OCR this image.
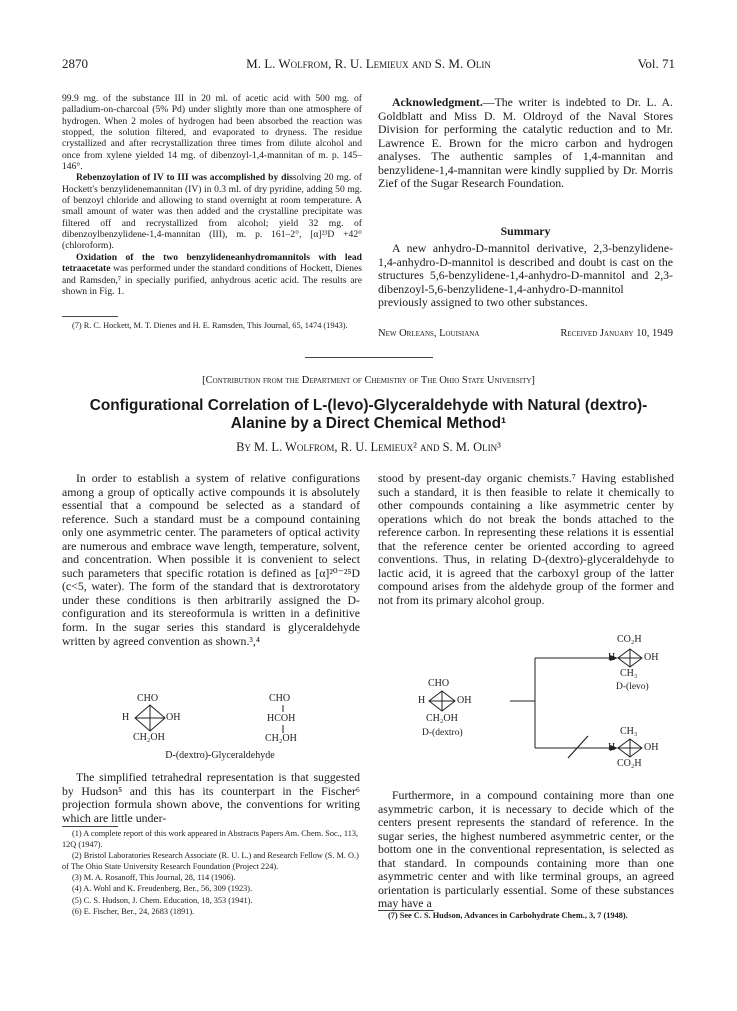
2870	M. L. Wolfrom, R. U. Lemieux and S. M. Olin	Vol. 71

99.9 mg. of the substance III in 20 ml. of acetic acid with 500 mg. of palladium-on-charcoal (5% Pd) under slightly more than one atmosphere of hydrogen. When 2 moles of hydrogen had been absorbed the reaction was stopped, the solution filtered, and evaporated to dryness. The residue crystallized and after recrystallization three times from dilute alcohol and once from xylene yielded 14 mg. of dibenzoyl-1,4-mannitan of m. p. 145–146°.

Rebenzoylation of IV to III was accomplished by dissolving 20 mg. of Hockett's benzylidenemannitan (IV) in 0.3 ml. of dry pyridine, adding 50 mg. of benzoyl chloride and allowing to stand overnight at room temperature. A small amount of water was then added and the crystalline precipitate was filtered off and recrystallized from alcohol; yield 32 mg. of dibenzoylbenzylidene-1,4-mannitan (III), m. p. 161–2°, [α]²³D +42° (chloroform).

Oxidation of the two benzylideneanhydromannitols with lead tetraacetate was performed under the standard conditions of Hockett, Dienes and Ramsden,⁷ in specially purified, anhydrous acetic acid. The results are shown in Fig. 1.

(7) R. C. Hockett, M. T. Dienes and H. E. Ramsden, This Journal, 65, 1474 (1943).

Acknowledgment.—The writer is indebted to Dr. L. A. Goldblatt and Miss D. M. Oldroyd of the Naval Stores Division for performing the catalytic reduction and to Mr. Lawrence E. Brown for the micro carbon and hydrogen analyses. The authentic samples of 1,4-mannitan and benzylidene-1,4-mannitan were kindly supplied by Dr. Morris Zief of the Sugar Research Foundation.

Summary

A new anhydro-D-mannitol derivative, 2,3-benzylidene-1,4-anhydro-D-mannitol is described and doubt is cast on the structures 5,6-benzylidene-1,4-anhydro-D-mannitol and 2,3-dibenzoyl-5,6-benzylidene-1,4-anhydro-D-mannitol previously assigned to two other substances.

New Orleans, Louisiana	Received January 10, 1949
[Contribution from the Department of Chemistry of The Ohio State University]
Configurational Correlation of L-(levo)-Glyceraldehyde with Natural (dextro)-
Alanine by a Direct Chemical Method¹
By M. L. Wolfrom, R. U. Lemieux² and S. M. Olin³

In order to establish a system of relative configurations among a group of optically active compounds it is absolutely essential that a compound be selected as a standard of reference. Such a standard must be a compound containing only one asymmetric center. The parameters of optical activity are numerous and embrace wave length, temperature, solvent, and concentration. When possible it is convenient to select such parameters that specific rotation is defined as [α]²⁰⁻²⁵D (c<5, water). The form of the standard that is dextrorotatory under these conditions is then arbitrarily assigned the D-configuration and its stereoformula is written in a definitive form. In the sugar series this standard is glyceraldehyde written by agreed convention as shown.³,⁴

CHO
H	OH
CH₂OH
CHO
HCOH
CH₂OH
D-(dextro)-Glyceraldehyde

The simplified tetrahedral representation is that suggested by Hudson⁵ and this has its counterpart in the Fischer⁶ projection formula shown above, the conventions for writing which are little under-

(1) A complete report of this work appeared in Abstracts Papers Am. Chem. Soc., 113, 12Q (1947).

(2) Bristol Laboratories Research Associate (R. U. L.) and Research Fellow (S. M. O.) of The Ohio State University Research Foundation (Project 224).

(3) M. A. Rosanoff, This Journal, 28, 114 (1906).

(4) A. Wohl and K. Freudenberg, Ber., 56, 309 (1923).

(5) C. S. Hudson, J. Chem. Education, 18, 353 (1941).

(6) E. Fischer, Ber., 24, 2683 (1891).

stood by present-day organic chemists.⁷ Having established such a standard, it is then feasible to relate it chemically to other compounds containing a like asymmetric center by operations which do not break the bonds attached to the reference carbon. In representing these relations it is essential that the reference center be oriented according to agreed conventions. Thus, in relating D-(dextro)-glyceraldehyde to lactic acid, it is agreed that the carboxyl group of the latter compound arises from the aldehyde group of the former and not from its primary alcohol group.

CHO
H	OH
CH₂OH
D-(dextro)
CO₂H
H	OH
CH₃
D-(levo)
CH₃
H	OH
CO₂H

Furthermore, in a compound containing more than one asymmetric carbon, it is necessary to decide which of the centers present represents the standard of reference. In the sugar series, the highest numbered asymmetric center, or the bottom one in the conventional representation, is selected as that standard. In compounds containing more than one asymmetric center and with like terminal groups, an agreed orientation is particularly essential. Some of these substances may have a

(7) See C. S. Hudson, Advances in Carbohydrate Chem., 3, 7 (1948).
